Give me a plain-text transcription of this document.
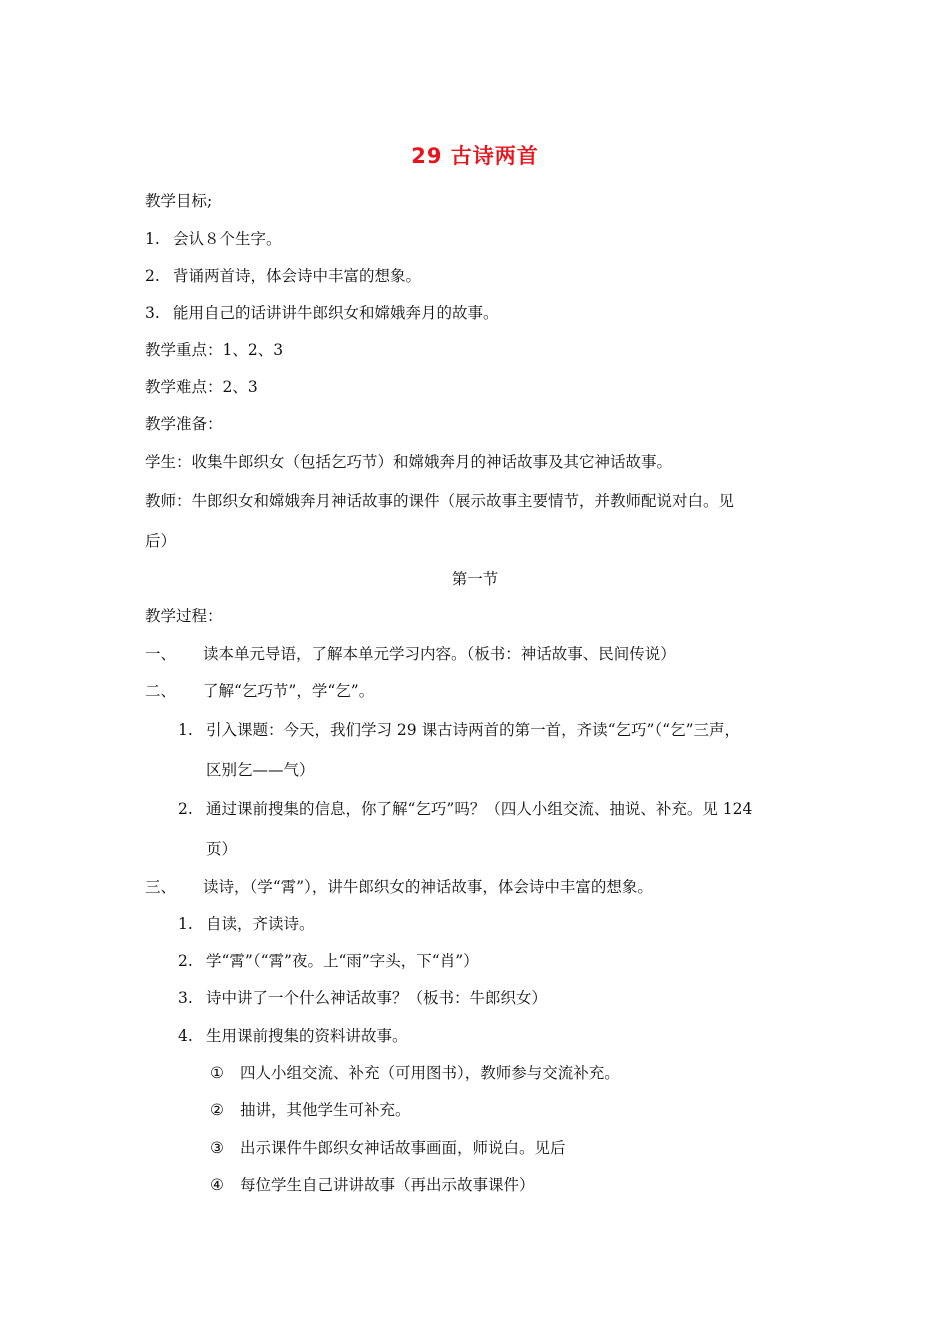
29 古诗两首
教学目标;
1. 会认８个生字。
2. 背诵两首诗，体会诗中丰富的想象。
3. 能用自己的话讲讲牛郎织女和嫦娥奔月的故事。
教学重点：1、2、3
教学难点：2、3
教学准备：
学生：收集牛郎织女（包括乞巧节）和嫦娥奔月的神话故事及其它神话故事。
教师：牛郎织女和嫦娥奔月神话故事的课件（展示故事主要情节，并教师配说对白。见
后）
第一节
教学过程：
一、 读本单元导语，了解本单元学习内容。（板书：神话故事、民间传说）
二、 了解“乞巧节”，学“乞”。
1. 引入课题：今天，我们学习 29 课古诗两首的第一首，齐读“乞巧”（“乞”三声，
区别乞——气）
2. 通过课前搜集的信息，你了解“乞巧”吗？（四人小组交流、抽说、补充。见 124
页）
三、 读诗，（学“霄”），讲牛郎织女的神话故事，体会诗中丰富的想象。
1. 自读，齐读诗。
2. 学“霄”（“霄”夜。上“雨”字头，下“肖”）
3. 诗中讲了一个什么神话故事？（板书：牛郎织女）
4. 生用课前搜集的资料讲故事。
① 四人小组交流、补充（可用图书），教师参与交流补充。
② 抽讲，其他学生可补充。
③ 出示课件牛郎织女神话故事画面，师说白。见后
④ 每位学生自己讲讲故事（再出示故事课件）
